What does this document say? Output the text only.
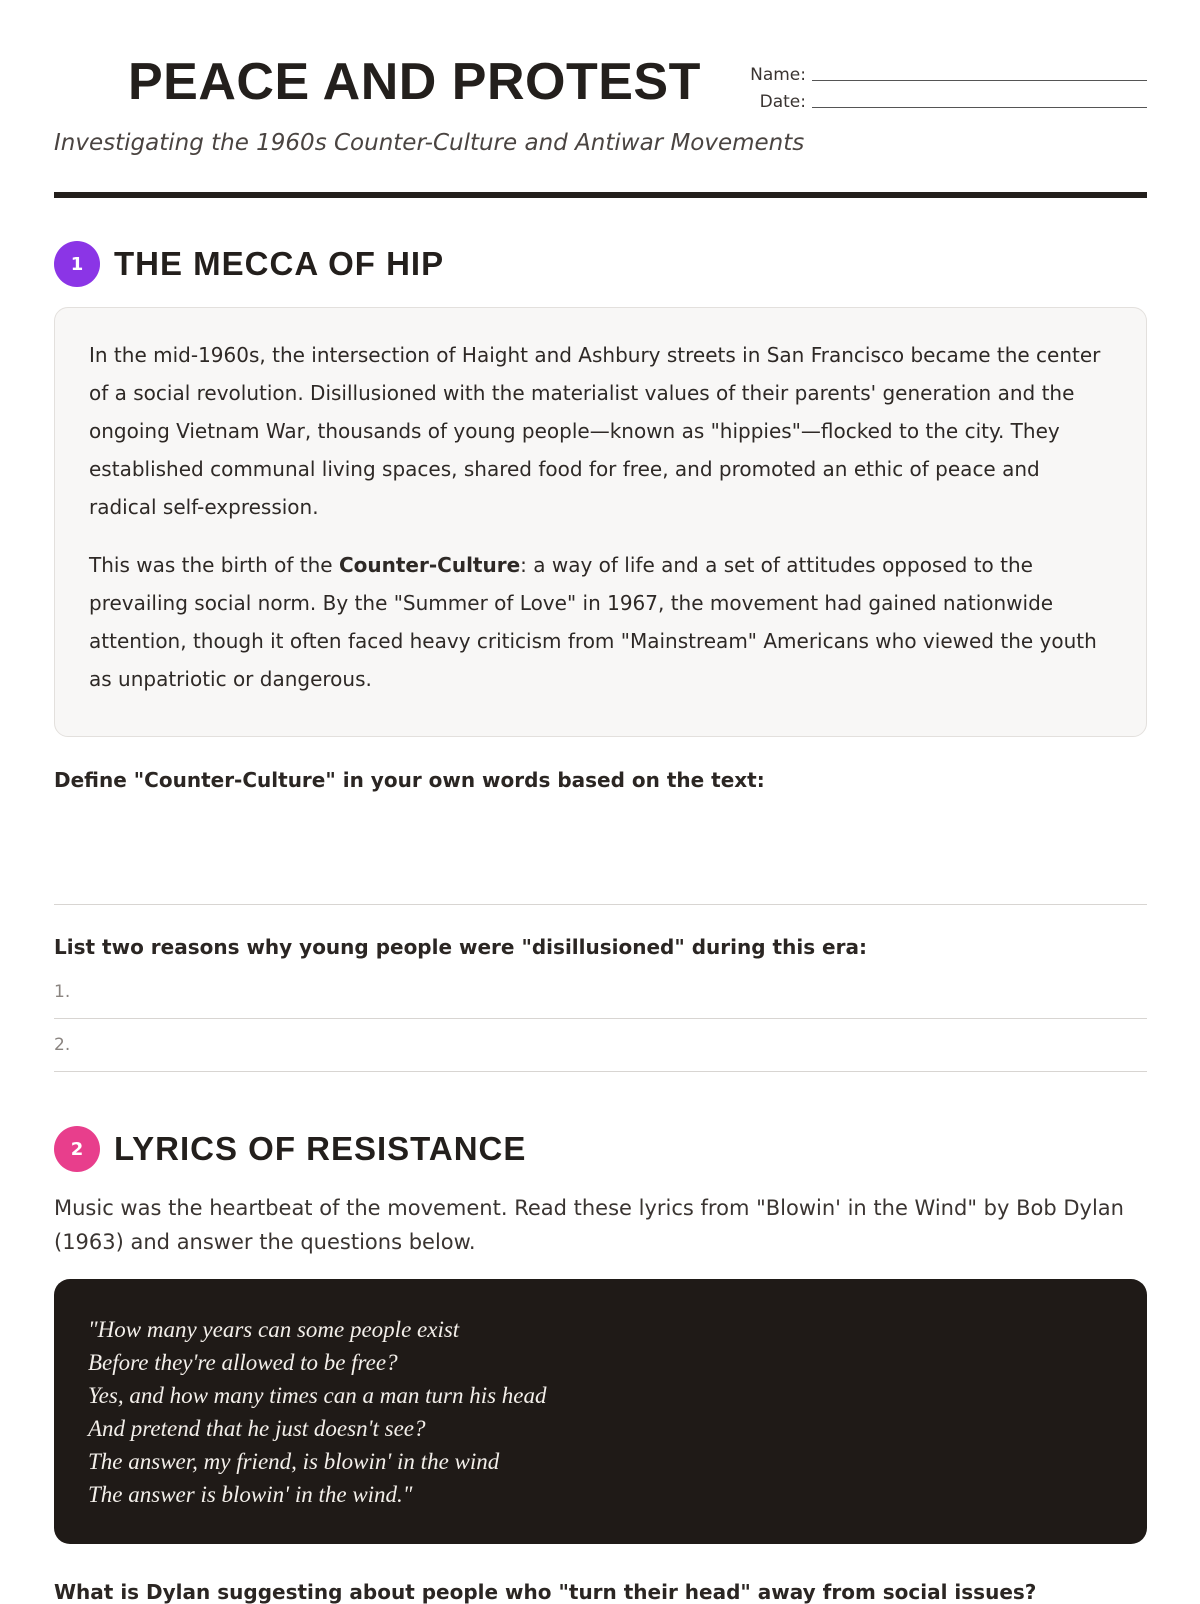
PEACE AND PROTEST	Name:
Date:

Investigating the 1960s Counter-Culture and Antiwar Movements

1 THE MECCA OF HIP

In the mid-1960s, the intersection of Haight and Ashbury streets in San Francisco became the center of a social revolution. Disillusioned with the materialist values of their parents' generation and the ongoing Vietnam War, thousands of young people—known as "hippies"—flocked to the city. They established communal living spaces, shared food for free, and promoted an ethic of peace and radical self-expression.

This was the birth of the Counter-Culture: a way of life and a set of attitudes opposed to the prevailing social norm. By the "Summer of Love" in 1967, the movement had gained nationwide attention, though it often faced heavy criticism from "Mainstream" Americans who viewed the youth as unpatriotic or dangerous.

Define "Counter-Culture" in your own words based on the text:
List two reasons why young people were "disillusioned" during this era:
1.
2.
2 LYRICS OF RESISTANCE

Music was the heartbeat of the movement. Read these lyrics from "Blowin' in the Wind" by Bob Dylan (1963) and answer the questions below.

"How many years can some people exist
Before they're allowed to be free?
Yes, and how many times can a man turn his head
And pretend that he just doesn't see?
The answer, my friend, is blowin' in the wind
The answer is blowin' in the wind."
What is Dylan suggesting about people who "turn their head" away from social issues?
